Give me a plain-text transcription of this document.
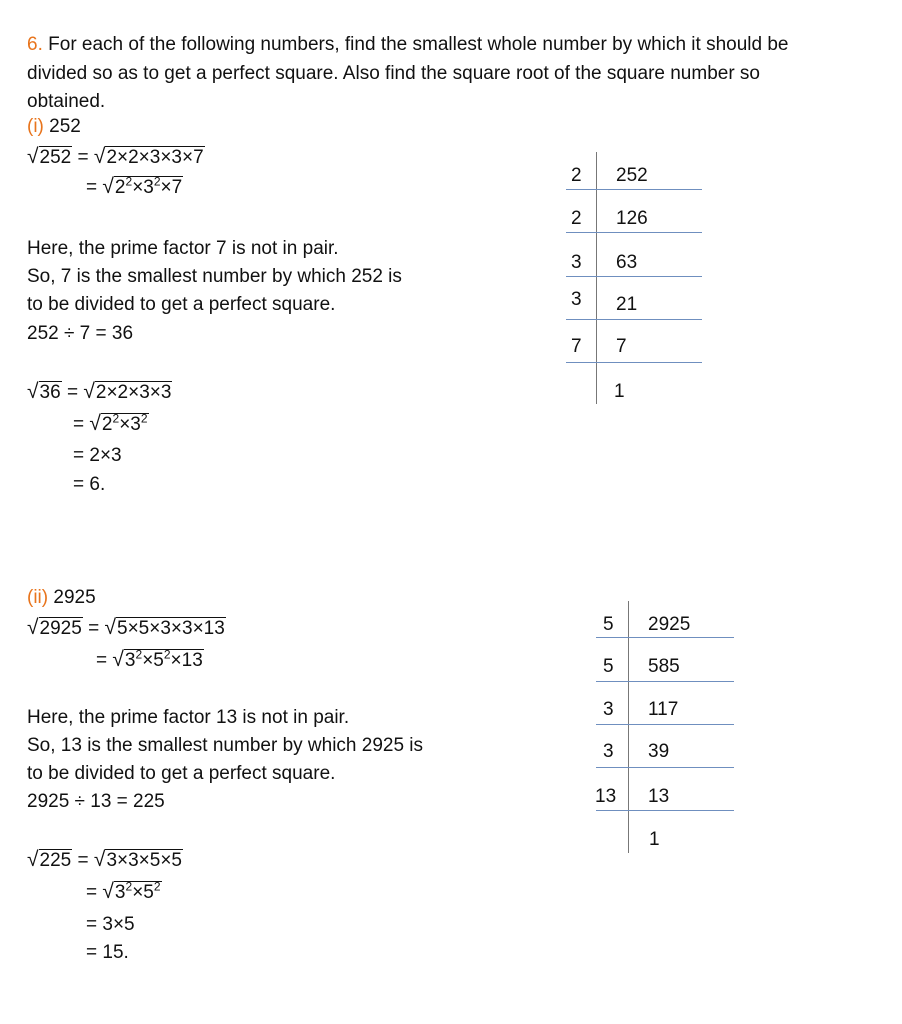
6. For each of the following numbers, find the smallest whole number by which it should be
divided so as to get a perfect square. Also find the square root of the square number so
obtained.
(i) 252
√252 = √2×2×3×3×7
= $√2^2\times 3^2\times 7$
Here, the prime factor 7 is not in pair.
So, 7 is the smallest number by which 252 is
to be divided to get a perfect square.
252 ÷ 7 = 36
√36 = √2×2×3×3
= $√2^2\times 3^2$
= 2×3
= 6.
2
2
3
3
7
252
126
63
21
7
1
(ii) 2925
√2925 = √5×5×3×3×13
= $√3^2\times 5^2\times 13$
Here, the prime factor 13 is not in pair.
So, 13 is the smallest number by which 2925 is
to be divided to get a perfect square.
2925 ÷ 13 = 225
√225 = √3×3×5×5
= $√3^2\times 5^2$
= 3×5
= 15.
5
5
3
3
13
2925
585
117
39
13
1
